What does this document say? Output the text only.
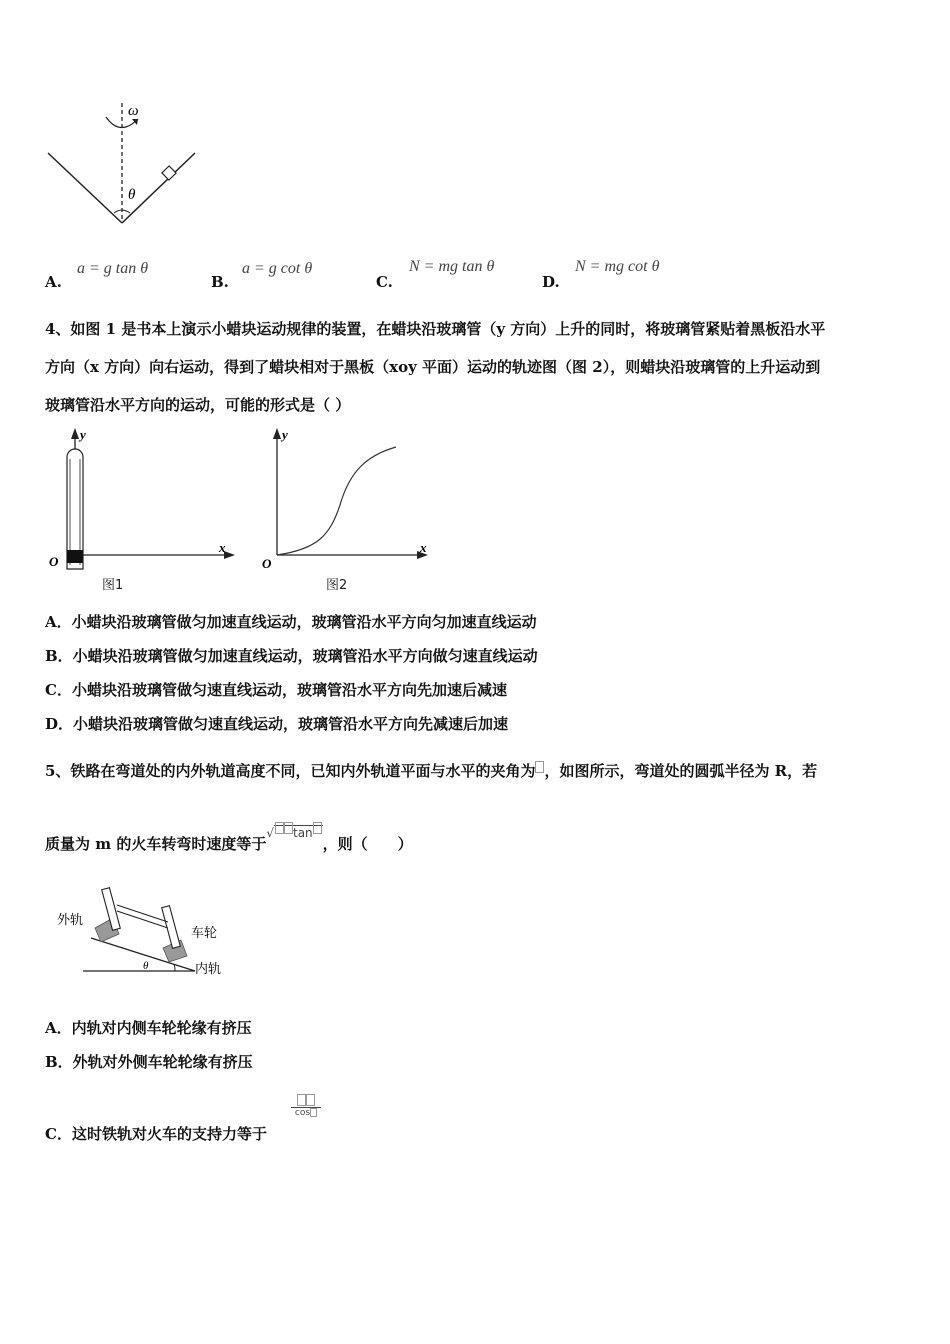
ω
θ
A.
a = g tan θ
B.
a = g cot θ
C.
N = mg tan θ
D.
N = mg cot θ
4、如图 1 是书本上演示小蜡块运动规律的装置，在蜡块沿玻璃管（y 方向）上升的同时，将玻璃管紧贴着黑板沿水平
方向（x 方向）向右运动，得到了蜡块相对于黑板（xoy 平面）运动的轨迹图（图 2），则蜡块沿玻璃管的上升运动到
玻璃管沿水平方向的运动，可能的形式是（ ）
y
x
O
图1
y
x
O
图2
A．小蜡块沿玻璃管做匀加速直线运动，玻璃管沿水平方向匀加速直线运动
B．小蜡块沿玻璃管做匀加速直线运动，玻璃管沿水平方向做匀速直线运动
C．小蜡块沿玻璃管做匀速直线运动，玻璃管沿水平方向先加速后减速
D．小蜡块沿玻璃管做匀速直线运动，玻璃管沿水平方向先减速后加速
5、铁路在弯道处的内外轨道高度不同，已知内外轨道平面与水平的夹角为 ，如图所示，弯道处的圆弧半径为 R，若
质量为 m 的火车转弯时速度等于$^{√ tan}$，则（　　）
外轨
车轮
内轨
θ
A．内轨对内侧车轮轮缘有挤压
B．外轨对外侧车轮轮缘有挤压
C．这时铁轨对火车的支持力等于
cos
